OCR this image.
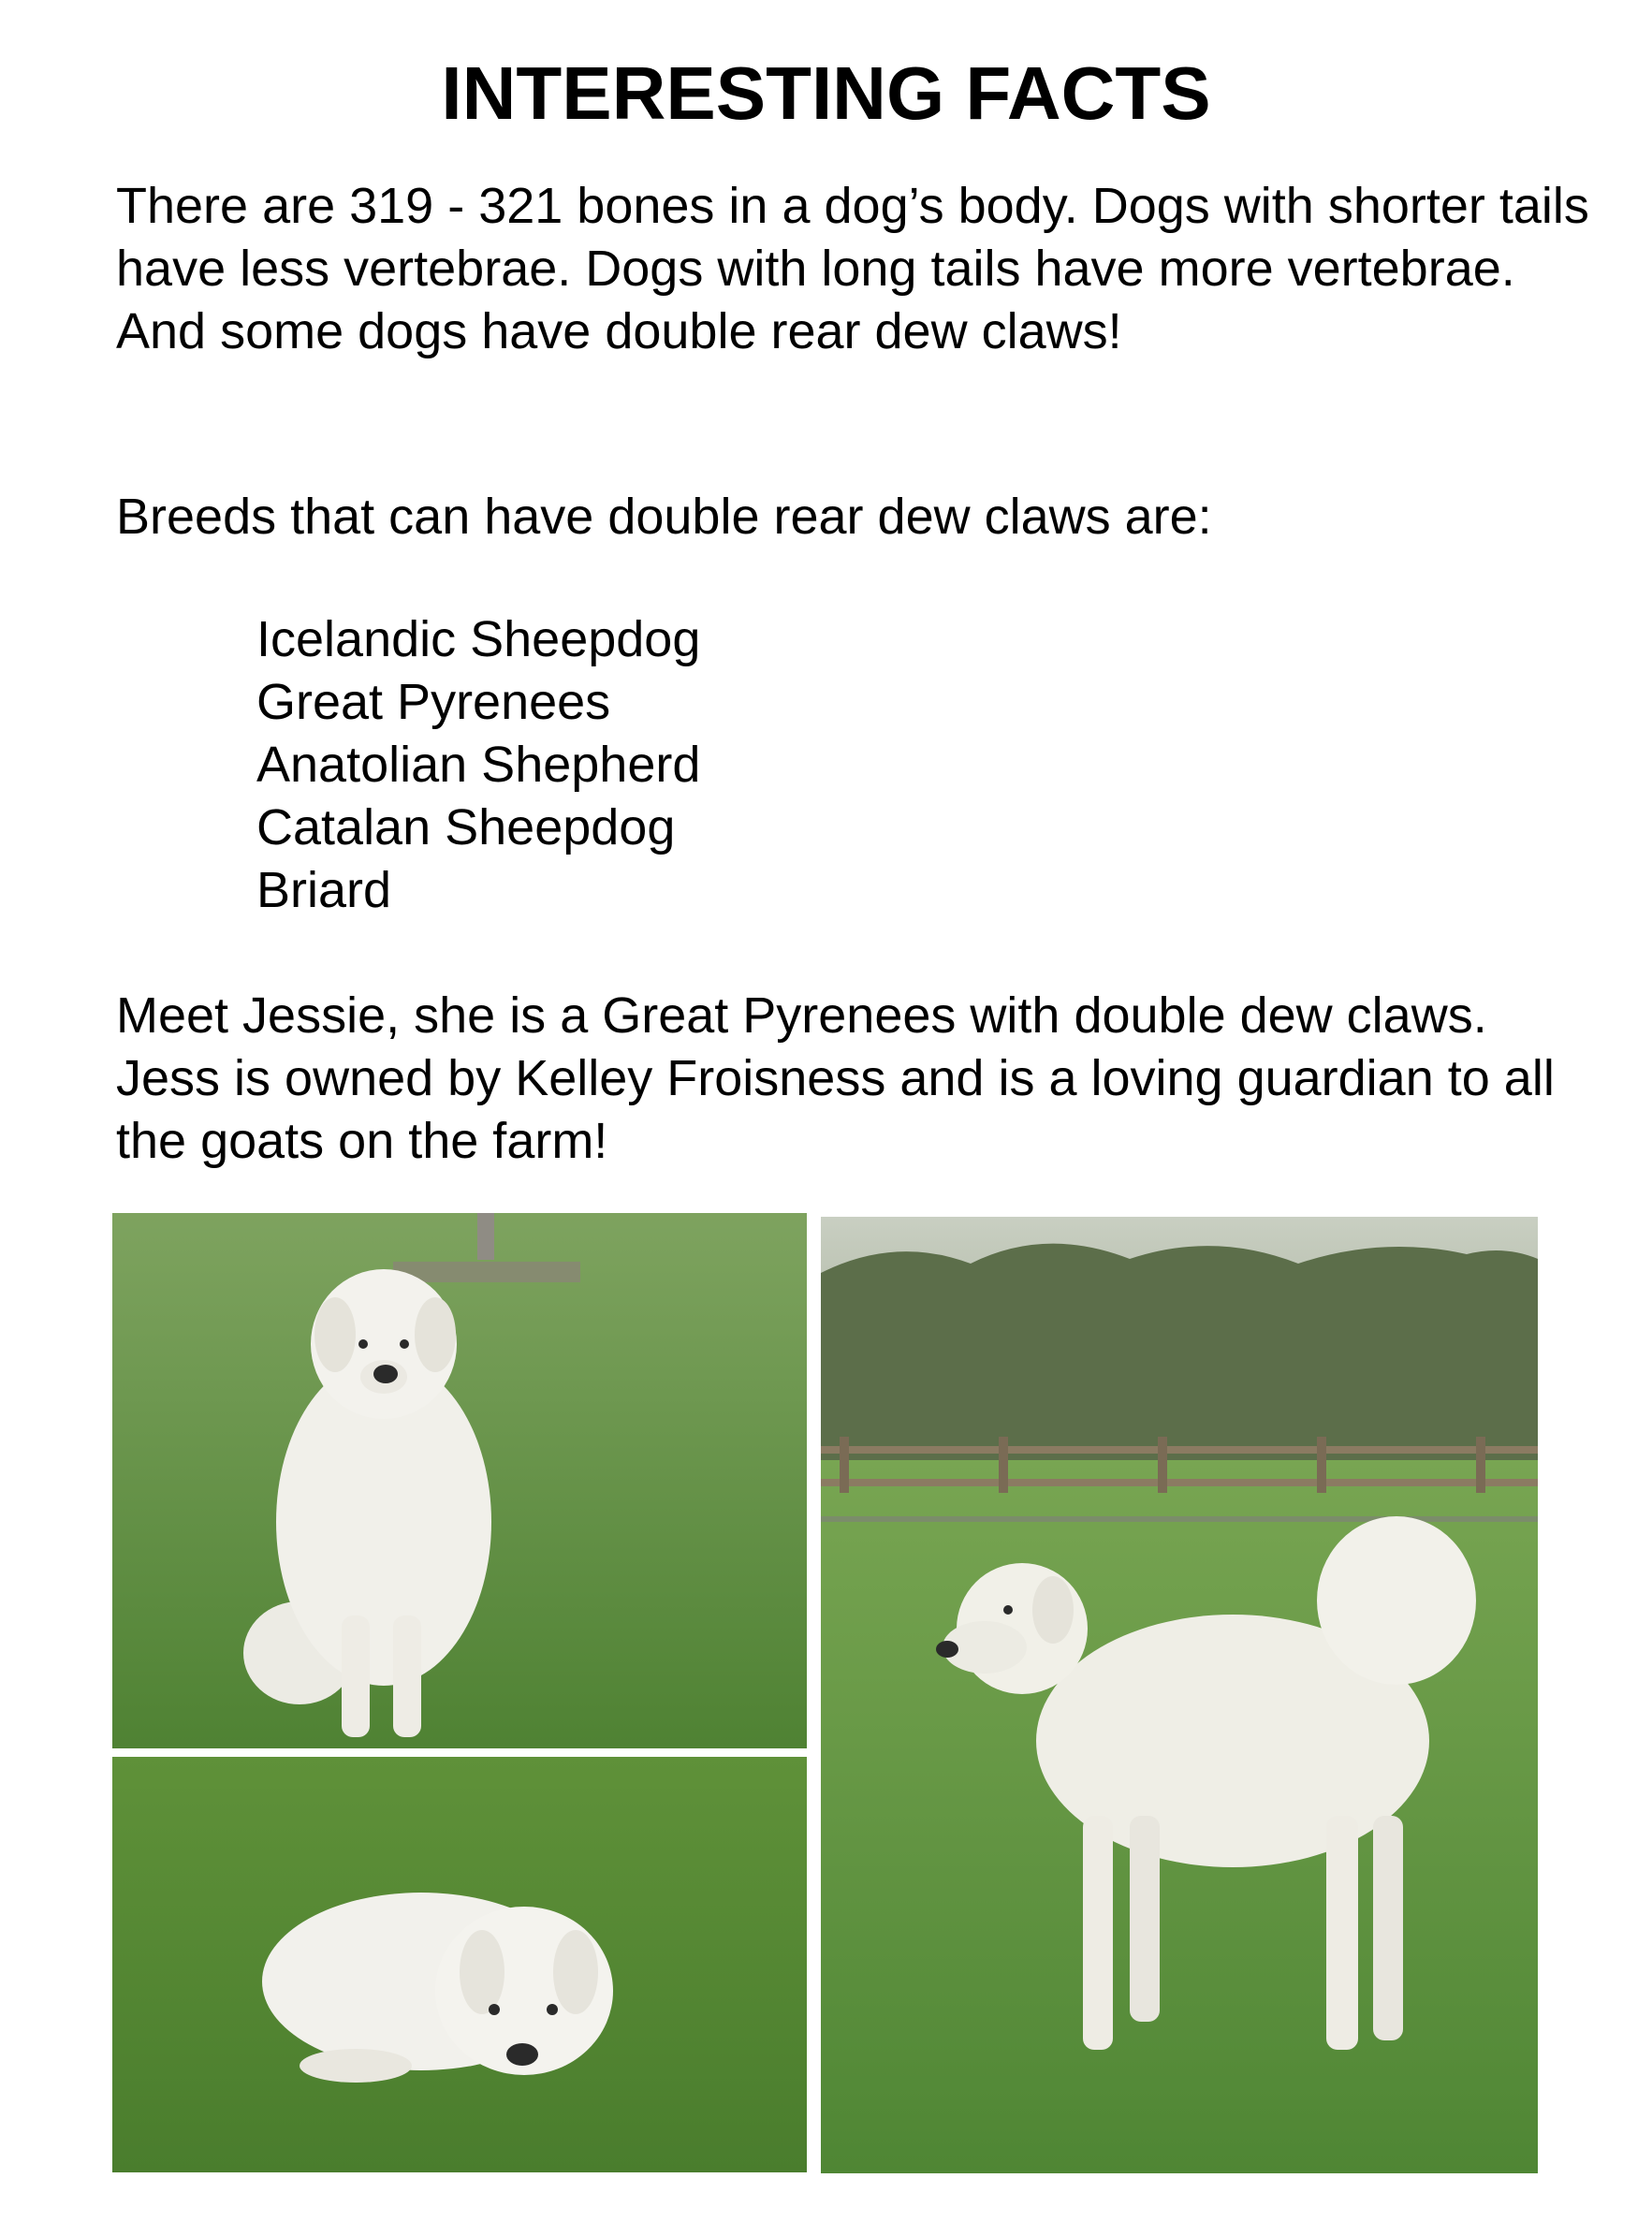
INTERESTING FACTS

There are 319 - 321 bones in a dog’s body. Dogs with shorter tails have less vertebrae. Dogs with long tails have more vertebrae. And some dogs have double rear dew claws!

Breeds that can have double rear dew claws are:

Icelandic Sheepdog
Great Pyrenees
Anatolian Shepherd
Catalan Sheepdog
Briard

Meet Jessie, she is a Great Pyrenees with double dew claws. Jess is owned by Kelley Froisness and is a loving guardian to all the goats on the farm!
